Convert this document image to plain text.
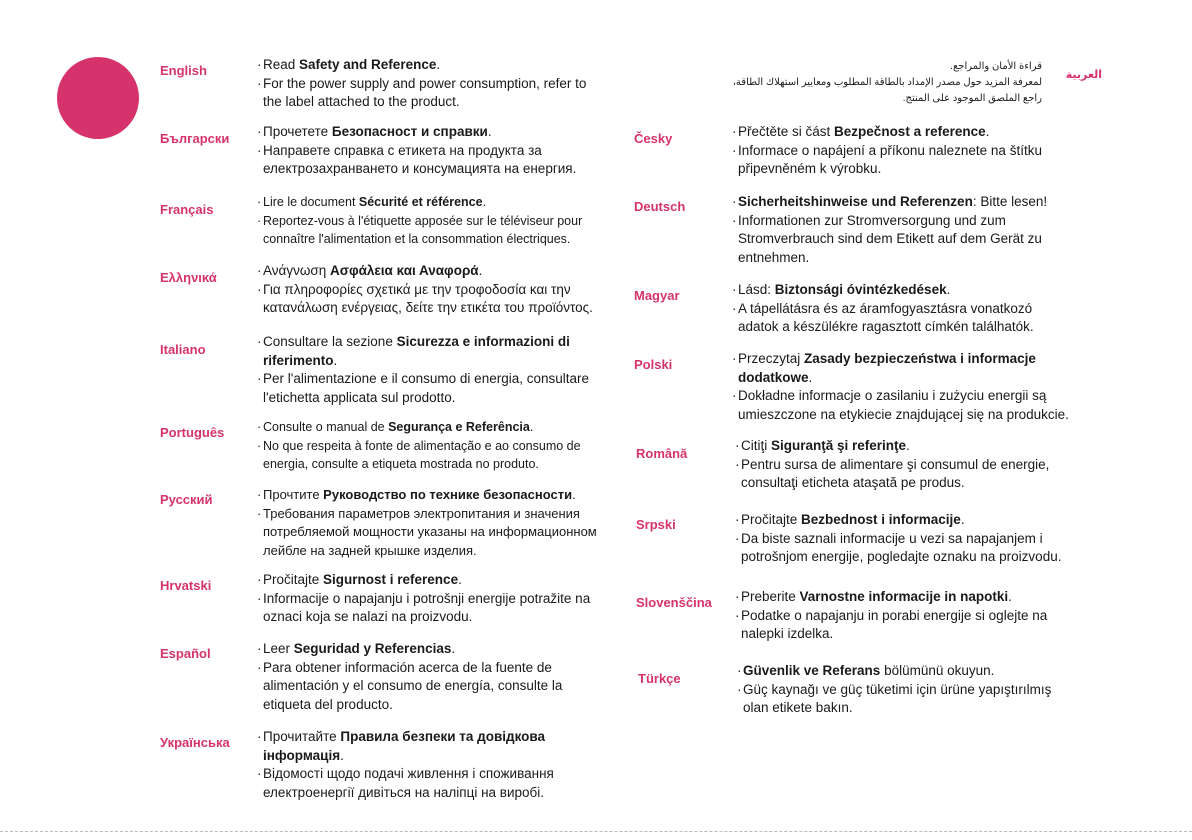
English	· Read Safety and Reference.
· For the power supply and power consumption, refer to the label attached to the product.
Български · Прочетете Безопасност и справки.
· Направете справка с етикета на продукта за електрозахранването и консумацията на енергия.
Français	· Lire le document Sécurité et référence.
· Reportez-vous à l'étiquette apposée sur le téléviseur pour connaître l'alimentation et la consommation électriques.
Ελληνικά	· Ανάγνωση Ασφάλεια και Αναφορά.
· Για πληροφορίες σχετικά με την τροφοδοσία και την κατανάλωση ενέργειας, δείτε την ετικέτα του προϊόντος.
Italiano
· Consultare la sezione Sicurezza e informazioni di riferimento.
· Per l'alimentazione e il consumo di energia, consultare l'etichetta applicata sul prodotto.
Português	· Consulte o manual de Segurança e Referência.
· No que respeita à fonte de alimentação e ao consumo de energia, consulte a etiqueta mostrada no produto.
Русский	· Прочтите Руководство по технике безопасности.
· Требования параметров электропитания и значения потребляемой мощности указаны на информационном лейбле на задней крышке изделия.
Hrvatski	· Pročitajte Sigurnost i reference.
· Informacije o napajanju i potrošnji energije potražite na oznaci koja se nalazi na proizvodu.
Español	· Leer Seguridad y Referencias.
· Para obtener información acerca de la fuente de alimentación y el consumo de energía, consulte la etiqueta del producto.
Українська · Прочитайте Правила безпеки та довідкова інформація.
· Відомості щодо подачі живлення і споживання електроенергії дивіться на наліпці на виробі.
العربية
قراءة الأمان والمراجع.
لمعرفة المزيد حول مصدر الإمداد بالطاقة المطلوب ومعايير استهلاك الطاقة،
راجع الملصق الموجود على المنتج.
Česky	· Přečtěte si část Bezpečnost a reference.
· Informace o napájení a příkonu naleznete na štítku připevněném k výrobku.
Deutsch	· Sicherheitshinweise und Referenzen: Bitte lesen!
· Informationen zur Stromversorgung und zum Stromverbrauch sind dem Etikett auf dem Gerät zu entnehmen.
Magyar	· Lásd: Biztonsági óvintézkedések.
· A tápellátásra és az áramfogyasztásra vonatkozó adatok a készülékre ragasztott címkén találhatók.
Polski	· Przeczytaj Zasady bezpieczeństwa i informacje dodatkowe.
· Dokładne informacje o zasilaniu i zużyciu energii są umieszczone na etykiecie znajdującej się na produkcie.
Română
· Citiţi Siguranţă şi referinţe.
· Pentru sursa de alimentare şi consumul de energie, consultaţi eticheta ataşată pe produs.
Srpski	· Pročitajte Bezbednost i informacije.
· Da biste saznali informacije u vezi sa napajanjem i potrošnjom energije, pogledajte oznaku na proizvodu.
Slovenščina · Preberite Varnostne informacije in napotki.
· Podatke o napajanju in porabi energije si oglejte na nalepki izdelka.
Türkçe
· Güvenlik ve Referans bölümünü okuyun.
· Güç kaynağı ve güç tüketimi için ürüne yapıştırılmış olan etikete bakın.
